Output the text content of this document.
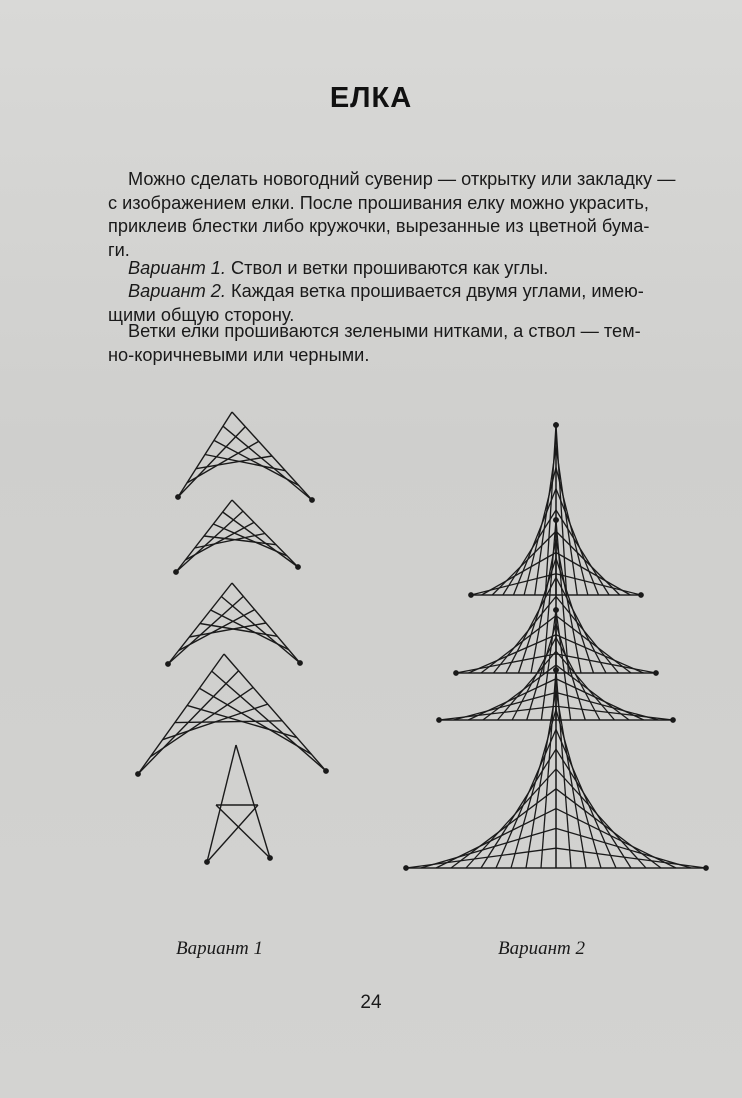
ЕЛКА
Можно сделать новогодний сувенир — открытку или закладку —
с изображением елки. После прошивания елку можно украсить,
приклеив блестки либо кружочки, вырезанные из цветной бума-
ги.
Вариант 1. Ствол и ветки прошиваются как углы.
Вариант 2. Каждая ветка прошивается двумя углами, имею-
щими общую сторону.
Ветки елки прошиваются зелеными нитками, а ствол — тем-
но-коричневыми или черными.
Вариант 1	Вариант 2
24
